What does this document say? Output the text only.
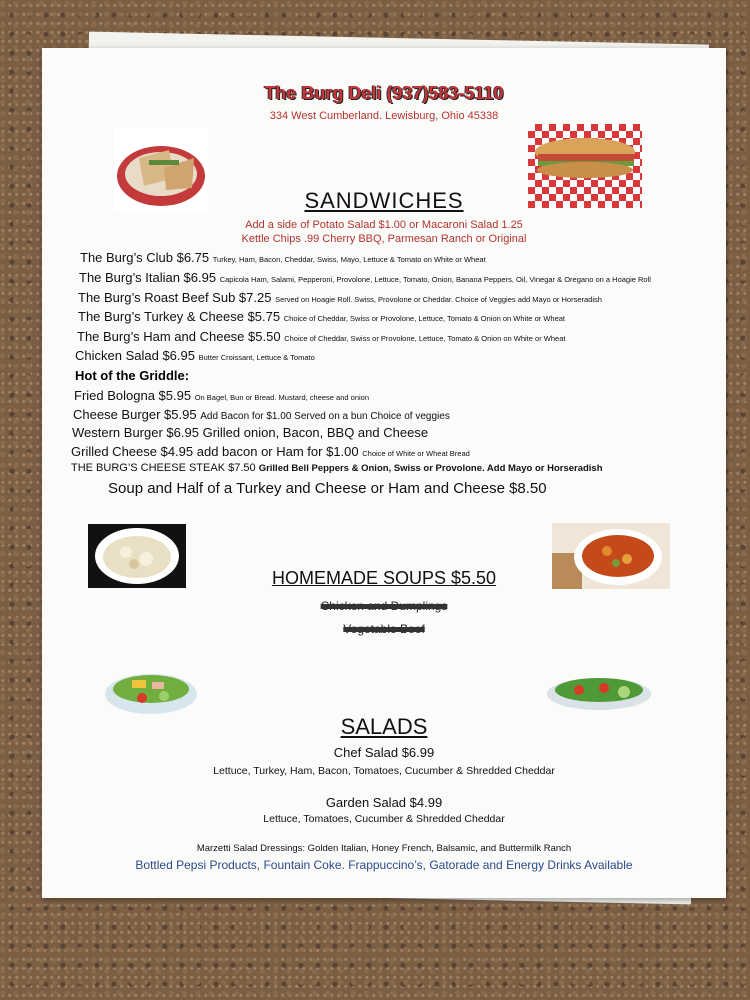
The Burg Deli (937)583-5110
334 West Cumberland. Lewisburg, Ohio 45338
SANDWICHES
Add a side of Potato Salad $1.00 or Macaroni Salad 1.25
Kettle Chips .99 Cherry BBQ, Parmesan Ranch or Original
The Burg’s Club $6.75 Turkey, Ham, Bacon, Cheddar, Swiss, Mayo, Lettuce & Tomato on White or Wheat
The Burg’s Italian $6.95 Capicola Ham, Salami, Pepperoni, Provolone, Lettuce, Tomato, Onion, Banana Peppers, Oil, Vinegar & Oregano on a Hoagie Roll
The Burg’s Roast Beef Sub $7.25 Served on Hoagie Roll. Swiss, Provolone or Cheddar. Choice of Veggies add Mayo or Horseradish
The Burg’s Turkey & Cheese $5.75 Choice of Cheddar, Swiss or Provolone, Lettuce, Tomato & Onion on White or Wheat
The Burg’s Ham and Cheese $5.50 Choice of Cheddar, Swiss or Provolone, Lettuce, Tomato & Onion on White or Wheat
Chicken Salad $6.95 Butter Croissant, Lettuce & Tomato
Hot of the Griddle:
Fried Bologna $5.95 On Bagel, Bun or Bread. Mustard, cheese and onion
Cheese Burger $5.95 Add Bacon for $1.00 Served on a bun Choice of veggies
Western Burger $6.95 Grilled onion, Bacon, BBQ and Cheese
Grilled Cheese $4.95 add bacon or Ham for $1.00 Choice of White or Wheat Bread
THE BURG’S CHEESE STEAK $7.50 Grilled Bell Peppers & Onion, Swiss or Provolone. Add Mayo or Horseradish
Soup and Half of a Turkey and Cheese or Ham and Cheese $8.50
HOMEMADE SOUPS $5.50
Chicken and Dumplings
Vegetable Beef
SALADS
Chef Salad $6.99
Lettuce, Turkey, Ham, Bacon, Tomatoes, Cucumber & Shredded Cheddar
Garden Salad $4.99
Lettuce, Tomatoes, Cucumber & Shredded Cheddar
Marzetti Salad Dressings: Golden Italian, Honey French, Balsamic, and Buttermilk Ranch
Bottled Pepsi Products, Fountain Coke. Frappuccino’s, Gatorade and Energy Drinks Available
